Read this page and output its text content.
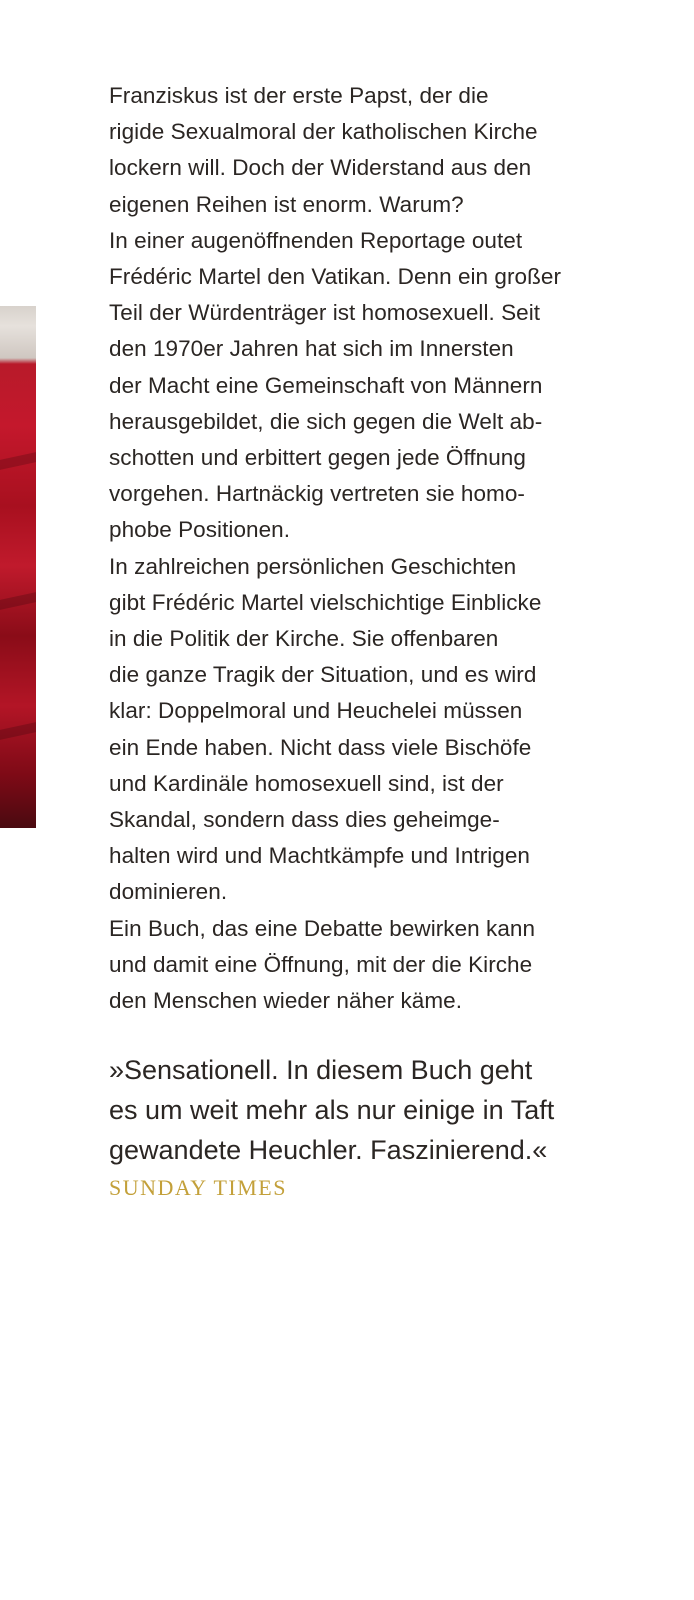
Franziskus ist der erste Papst, der die
rigide Sexualmoral der katholischen Kirche
lockern will. Doch der Widerstand aus den
eigenen Reihen ist enorm. Warum?

In einer augenöffnenden Reportage outet
Frédéric Martel den Vatikan. Denn ein großer
Teil der Würdenträger ist homosexuell. Seit
den 1970er Jahren hat sich im Innersten
der Macht eine Gemeinschaft von Männern
herausgebildet, die sich gegen die Welt ab-
schotten und erbittert gegen jede Öffnung
vorgehen. Hartnäckig vertreten sie homo-
phobe Positionen.

In zahlreichen persönlichen Geschichten
gibt Frédéric Martel vielschichtige Einblicke
in die Politik der Kirche. Sie offenbaren
die ganze Tragik der Situation, und es wird
klar: Doppelmoral und Heuchelei müssen
ein Ende haben. Nicht dass viele Bischöfe
und Kardinäle homosexuell sind, ist der
Skandal, sondern dass dies geheimge-
halten wird und Machtkämpfe und Intrigen
dominieren.

Ein Buch, das eine Debatte bewirken kann
und damit eine Öffnung, mit der die Kirche
den Menschen wieder näher käme.

»Sensationell. In diesem Buch geht
es um weit mehr als nur einige in Taft
gewandete Heuchler. Faszinierend.«
SUNDAY TIMES
